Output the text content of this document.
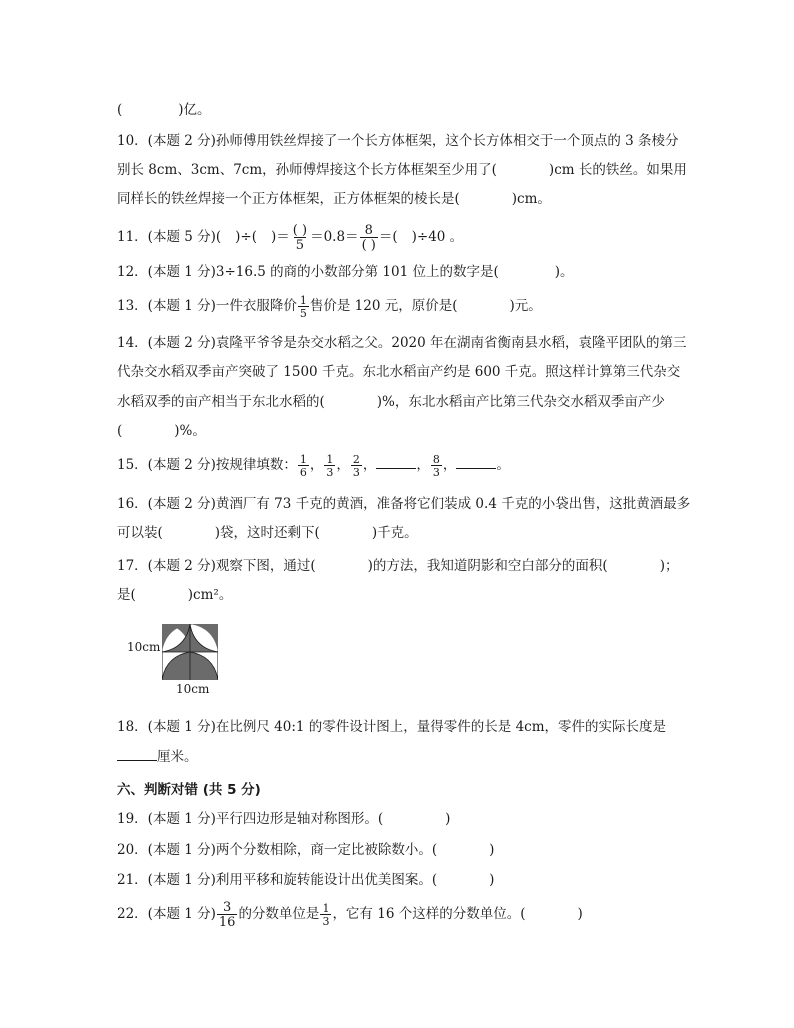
(	)亿。
10．(本题 2 分)孙师傅用铁丝焊接了一个长方体框架，这个长方体相交于一个顶点的 3 条棱分
别长 8cm、3cm、7cm，孙师傅焊接这个长方体框架至少用了(	)cm 长的铁丝。如果用
同样长的铁丝焊接一个正方体框架，正方体框架的棱长是(	)cm。
11．(本题 5 分)( )÷( )＝ $\frac{( )}{5} =0.8= \frac{8}{( )}$ ＝( )÷40 。
12．(本题 1 分)3÷16.5 的商的小数部分第 101 位上的数字是(	)。
13．(本题 1 分)一件衣服降价 $\frac{1}{5}$ 售价是 120 元，原价是(	)元。
14．(本题 2 分)袁隆平爷爷是杂交水稻之父。2020 年在湖南省衡南县水稻，袁隆平团队的第三
代杂交水稻双季亩产突破了 1500 千克。东北水稻亩产约是 600 千克。照这样计算第三代杂交
水稻双季的亩产相当于东北水稻的(	)%，东北水稻亩产比第三代杂交水稻双季亩产少
(	)%。
15．(本题 2 分)按规律填数： $\frac{1}{6}$ ， $\frac{1}{3}$ ， $\frac{2}{3}$ ，	， $\frac{8}{3}$ ，	。
16．(本题 2 分)黄酒厂有 73 千克的黄酒，准备将它们装成 0.4 千克的小袋出售，这批黄酒最多
可以装(	)袋，这时还剩下(	)千克。
17．(本题 2 分)观察下图，通过(	)的方法，我知道阴影和空白部分的面积(	)；
是(	)cm²。
10cm
10cm
18．(本题 1 分)在比例尺 40:1 的零件设计图上，量得零件的长是 4cm，零件的实际长度是
厘米。
六、判断对错 (共 5 分)
19．(本题 1 分)平行四边形是轴对称图形。(	)
20．(本题 1 分)两个分数相除，商一定比被除数小。(	)
21．(本题 1 分)利用平移和旋转能设计出优美图案。(	)
22．(本题 1 分) $\frac{3}{16}$ 的分数单位是 $\frac{1}{3}$ ，它有 16 个这样的分数单位。(	)
